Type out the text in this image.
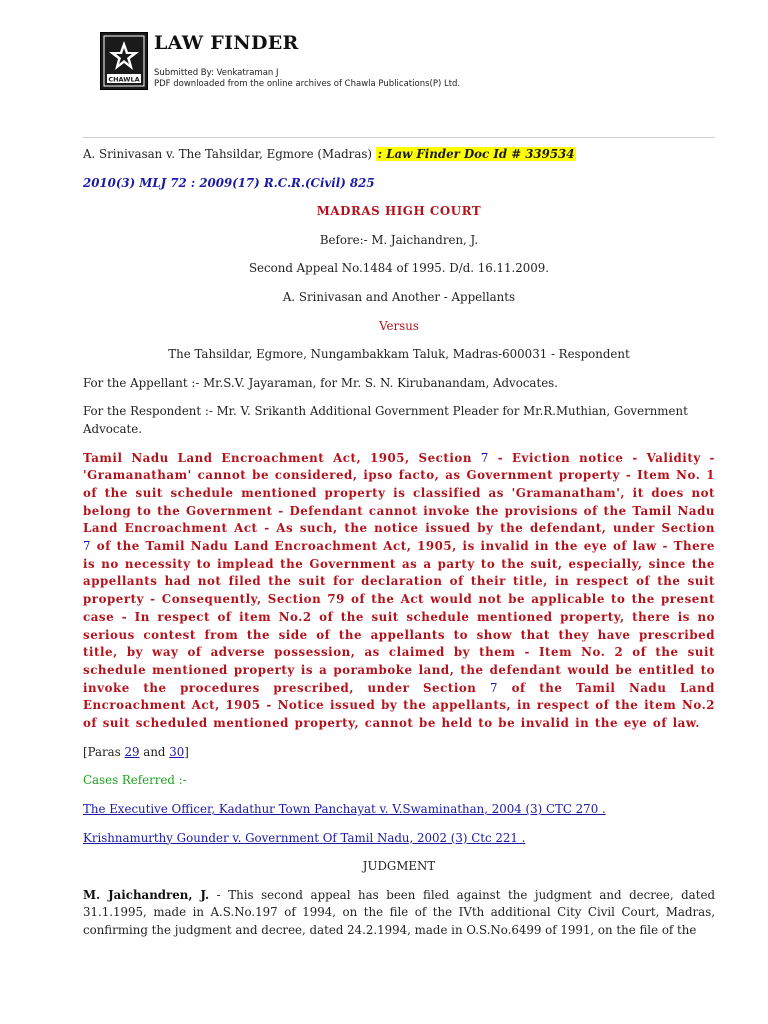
CHAWLA
LAW FINDER
Submitted By: Venkatraman J
PDF downloaded from the online archives of Chawla Publications(P) Ltd.

A. Srinivasan v. The Tahsildar, Egmore (Madras) : Law Finder Doc Id # 339534

2010(3) MLJ 72 : 2009(17) R.C.R.(Civil) 825

MADRAS HIGH COURT

Before:- M. Jaichandren, J.

Second Appeal No.1484 of 1995. D/d. 16.11.2009.

A. Srinivasan and Another - Appellants

Versus

The Tahsildar, Egmore, Nungambakkam Taluk, Madras-600031 - Respondent

For the Appellant :- Mr.S.V. Jayaraman, for Mr. S. N. Kirubanandam, Advocates.

For the Respondent :- Mr. V. Srikanth Additional Government Pleader for Mr.R.Muthian, Government Advocate.

Tamil Nadu Land Encroachment Act, 1905, Section 7 - Eviction notice - Validity - 'Gramanatham' cannot be considered, ipso facto, as Government property - Item No. 1 of the suit schedule mentioned property is classified as 'Gramanatham', it does not belong to the Government - Defendant cannot invoke the provisions of the Tamil Nadu Land Encroachment Act - As such, the notice issued by the defendant, under Section 7 of the Tamil Nadu Land Encroachment Act, 1905, is invalid in the eye of law - There is no necessity to implead the Government as a party to the suit, especially, since the appellants had not filed the suit for declaration of their title, in respect of the suit property - Consequently, Section 79 of the Act would not be applicable to the present case - In respect of item No.2 of the suit schedule mentioned property, there is no serious contest from the side of the appellants to show that they have prescribed title, by way of adverse possession, as claimed by them - Item No. 2 of the suit schedule mentioned property is a poramboke land, the defendant would be entitled to invoke the procedures prescribed, under Section 7 of the Tamil Nadu Land Encroachment Act, 1905 - Notice issued by the appellants, in respect of the item No.2 of suit scheduled mentioned property, cannot be held to be invalid in the eye of law.

[Paras 29 and 30]

Cases Referred :-

The Executive Officer, Kadathur Town Panchayat v. V.Swaminathan, 2004 (3) CTC 270 .

Krishnamurthy Gounder v. Government Of Tamil Nadu, 2002 (3) Ctc 221 .

JUDGMENT

M. Jaichandren, J. - This second appeal has been filed against the judgment and decree, dated 31.1.1995, made in A.S.No.197 of 1994, on the file of the IVth additional City Civil Court, Madras, confirming the judgment and decree, dated 24.2.1994, made in O.S.No.6499 of 1991, on the file of the
